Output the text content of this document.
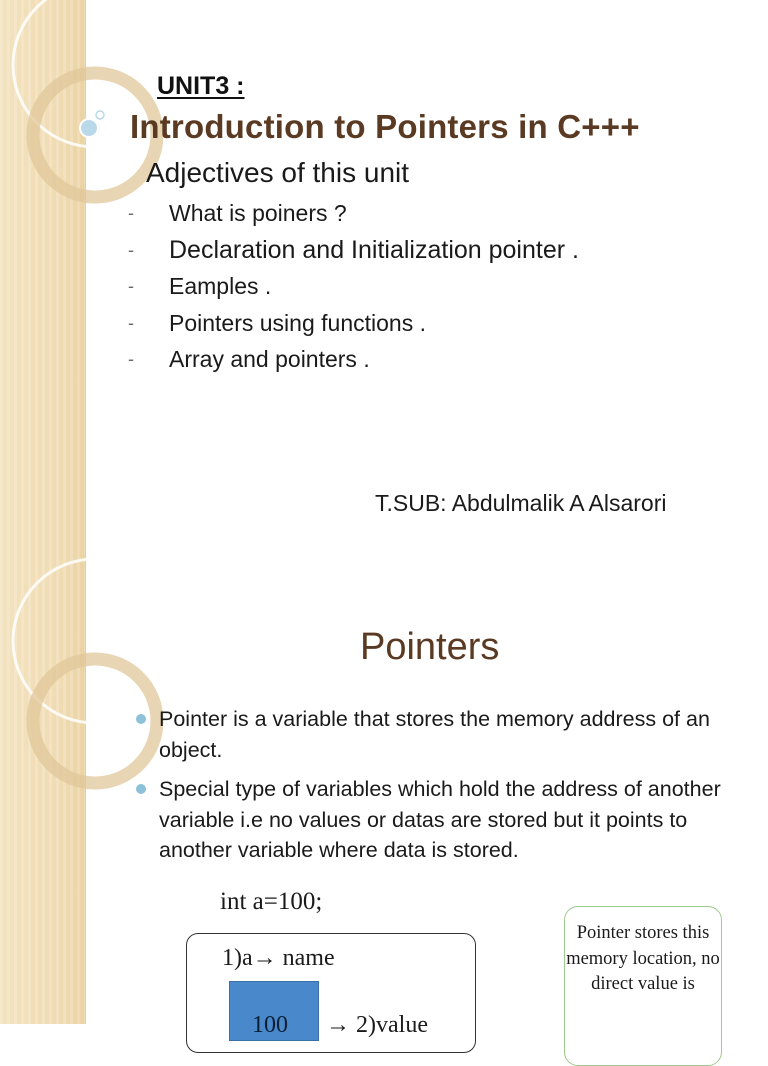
UNIT3 :
Introduction to Pointers in C+++
Adjectives of this unit
- What is poiners ?
- Declaration and Initialization pointer .
- Eamples .
- Pointers using functions .
- Array and pointers .
T.SUB: Abdulmalik A Alsarori
Pointers
Pointer is a variable that stores the memory address of an object.
Special type of variables which hold the address of another variable i.e no values or datas are stored but it points to another variable where data is stored.
int a=100;
1)a→ name
100 → 2)value

Pointer stores this memory location, no direct value is
